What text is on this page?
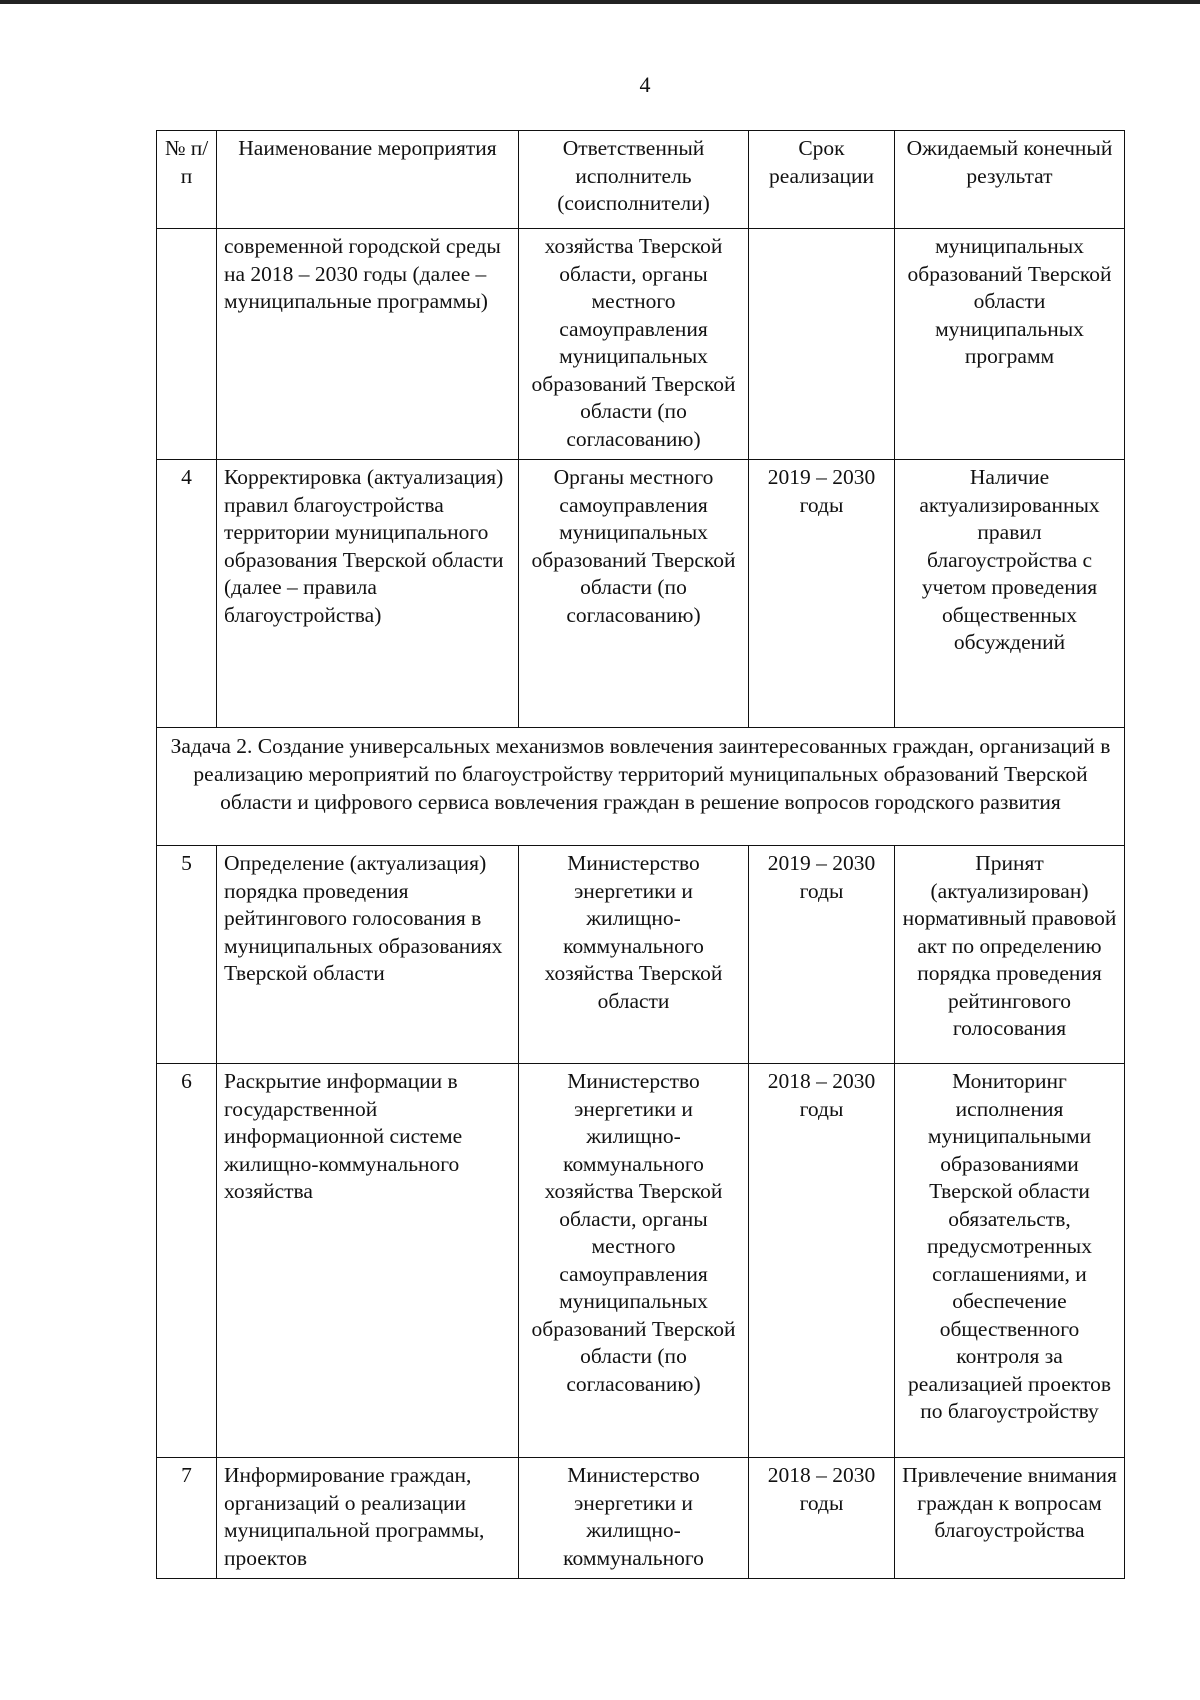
4
№ п/п	Наименование мероприятия	Ответственный исполнитель (соисполнители)	Срок реализации	Ожидаемый конечный результат
	современной городской среды на 2018 – 2030 годы (далее – муниципальные программы)	хозяйства Тверской области, органы местного самоуправления муниципальных образований Тверской области (по согласованию)		муниципальных образований Тверской области муниципальных программ
4	Корректировка (актуализация) правил благоустройства территории муниципального образования Тверской области (далее – правила благоустройства)	Органы местного самоуправления муниципальных образований Тверской области (по согласованию)	2019 – 2030 годы	Наличие актуализированных правил благоустройства с учетом проведения общественных обсуждений
Задача 2. Создание универсальных механизмов вовлечения заинтересованных граждан, организаций в реализацию мероприятий по благоустройству территорий муниципальных образований Тверской области и цифрового сервиса вовлечения граждан в решение вопросов городского развития				
5	Определение (актуализация) порядка проведения рейтингового голосования в муниципальных образованиях Тверской области	Министерство энергетики и жилищно-коммунального хозяйства Тверской области	2019 – 2030 годы	Принят (актуализирован) нормативный правовой акт по определению порядка проведения рейтингового голосования
6	Раскрытие информации в государственной информационной системе жилищно-коммунального хозяйства	Министерство энергетики и жилищно-коммунального хозяйства Тверской области, органы местного самоуправления муниципальных образований Тверской области (по согласованию)	2018 – 2030 годы	Мониторинг исполнения муниципальными образованиями Тверской области обязательств, предусмотренных соглашениями, и обеспечение общественного контроля за реализацией проектов по благоустройству
7	Информирование граждан, организаций о реализации муниципальной программы, проектов	Министерство энергетики и жилищно-коммунального	2018 – 2030 годы	Привлечение внимания граждан к вопросам благоустройства
